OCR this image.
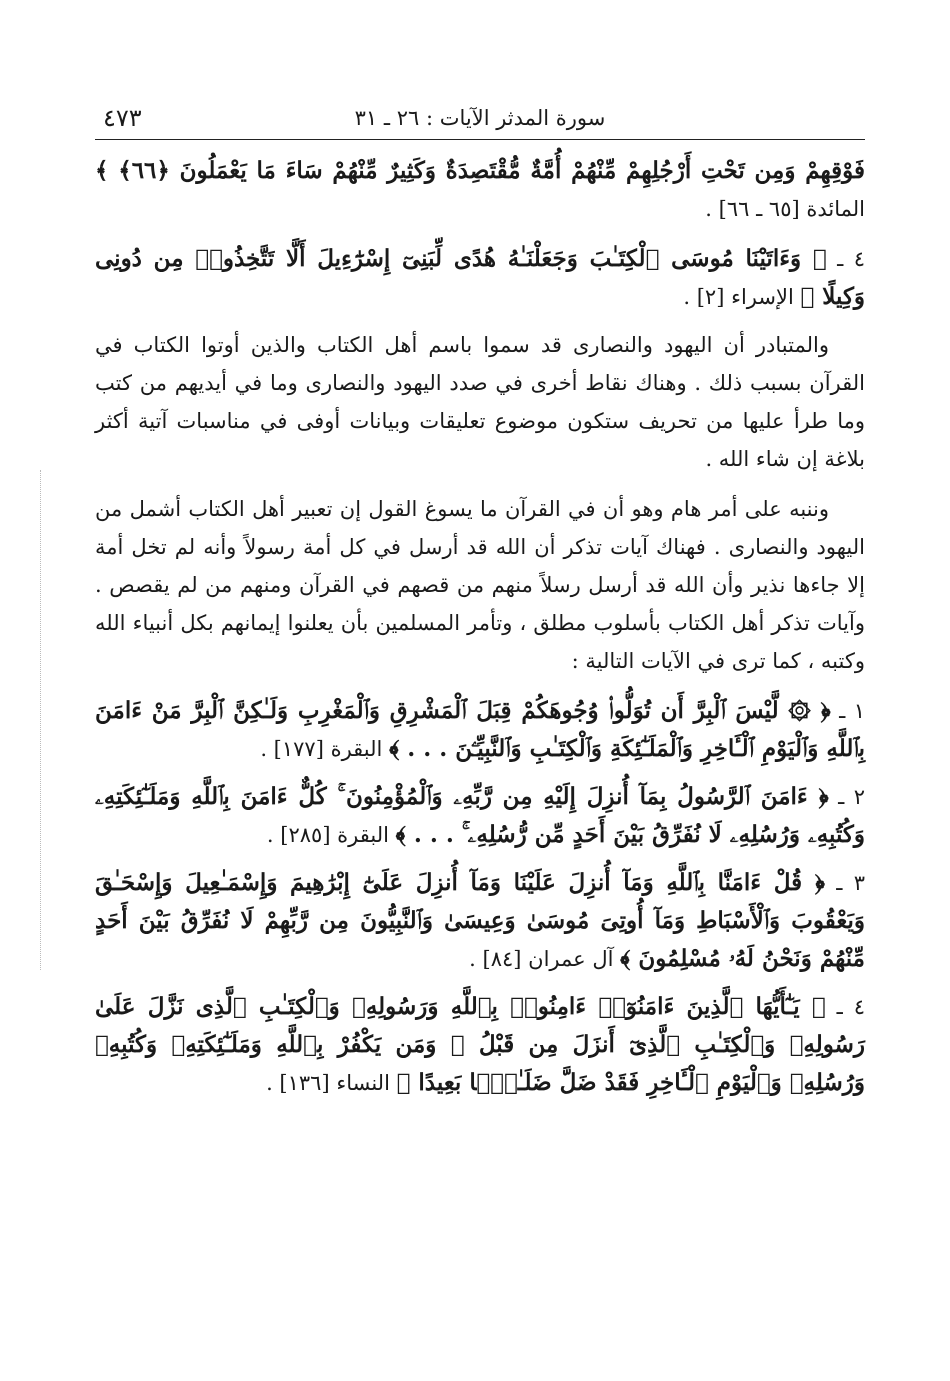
سورة المدثر الآيات : ٢٦ ـ ٣١
٤٧٣
فَوْقِهِمْ وَمِن تَحْتِ أَرْجُلِهِمْ مِّنْهُمْ أُمَّةٌ مُّقْتَصِدَةٌ وَكَثِيرٌ مِّنْهُمْ سَاءَ مَا يَعْمَلُونَ ﴿٦٦﴾ ﴾ المائدة [٦٥ ـ ٦٦] .
٤ ـ ﴿ وَءَاتَيْنَا مُوسَى ٱلْكِتَـٰبَ وَجَعَلْنَـٰهُ هُدًى لِّبَنِىٓ إِسْرَٰٓءِيلَ أَلَّا تَتَّخِذُوا۟ مِن دُونِى وَكِيلًا ﴾ الإسراء [٢] .

والمتبادر أن اليهود والنصارى قد سموا باسم أهل الكتاب والذين أوتوا الكتاب في القرآن بسبب ذلك . وهناك نقاط أخرى في صدد اليهود والنصارى وما في أيديهم من كتب وما طرأ عليها من تحريف ستكون موضوع تعليقات وبيانات أوفى في مناسبات آتية أكثر بلاغة إن شاء الله .

وننبه على أمر هام وهو أن في القرآن ما يسوغ القول إن تعبير أهل الكتاب أشمل من اليهود والنصارى . فهناك آيات تذكر أن الله قد أرسل في كل أمة رسولاً وأنه لم تخل أمة إلا جاءها نذير وأن الله قد أرسل رسلاً منهم من قصهم في القرآن ومنهم من لم يقصص . وآيات تذكر أهل الكتاب بأسلوب مطلق ، وتأمر المسلمين بأن يعلنوا إيمانهم بكل أنبياء الله وكتبه ، كما ترى في الآيات التالية :

١ ـ ﴿ ۞ لَّيْسَ ٱلْبِرَّ أَن تُوَلُّوا۟ وُجُوهَكُمْ قِبَلَ ٱلْمَشْرِقِ وَٱلْمَغْرِبِ وَلَـٰكِنَّ ٱلْبِرَّ مَنْ ءَامَنَ بِٱللَّهِ وَٱلْيَوْمِ ٱلْـَٔاخِرِ وَٱلْمَلَـٰٓئِكَةِ وَٱلْكِتَـٰبِ وَٱلنَّبِيِّـۧنَ . . . ﴾ البقرة [١٧٧] .
٢ ـ ﴿ ءَامَنَ ٱلرَّسُولُ بِمَآ أُنزِلَ إِلَيْهِ مِن رَّبِّهِۦ وَٱلْمُؤْمِنُونَ ۚ كُلٌّ ءَامَنَ بِٱللَّهِ وَمَلَـٰٓئِكَتِهِۦ وَكُتُبِهِۦ وَرُسُلِهِۦ لَا نُفَرِّقُ بَيْنَ أَحَدٍ مِّن رُّسُلِهِۦ ۚ . . . ﴾ البقرة [٢٨٥] .
٣ ـ ﴿ قُلْ ءَامَنَّا بِٱللَّهِ وَمَآ أُنزِلَ عَلَيْنَا وَمَآ أُنزِلَ عَلَىٰٓ إِبْرَٰهِيمَ وَإِسْمَـٰعِيلَ وَإِسْحَـٰقَ وَيَعْقُوبَ وَٱلْأَسْبَاطِ وَمَآ أُوتِىَ مُوسَىٰ وَعِيسَىٰ وَٱلنَّبِيُّونَ مِن رَّبِّهِمْ لَا نُفَرِّقُ بَيْنَ أَحَدٍ مِّنْهُمْ وَنَحْنُ لَهُۥ مُسْلِمُونَ ﴾ آل عمران [٨٤] .
٤ ـ ﴿ يَـٰٓأَيُّهَا ٱلَّذِينَ ءَامَنُوٓا۟ ءَامِنُوا۟ بِٱللَّهِ وَرَسُولِهِۦ وَٱلْكِتَـٰبِ ٱلَّذِى نَزَّلَ عَلَىٰ رَسُولِهِۦ وَٱلْكِتَـٰبِ ٱلَّذِىٓ أَنزَلَ مِن قَبْلُ ۚ وَمَن يَكْفُرْ بِٱللَّهِ وَمَلَـٰٓئِكَتِهِۦ وَكُتُبِهِۦ وَرُسُلِهِۦ وَٱلْيَوْمِ ٱلْـَٔاخِرِ فَقَدْ ضَلَّ ضَلَـٰلًۢا بَعِيدًا ﴾ النساء [١٣٦] .
